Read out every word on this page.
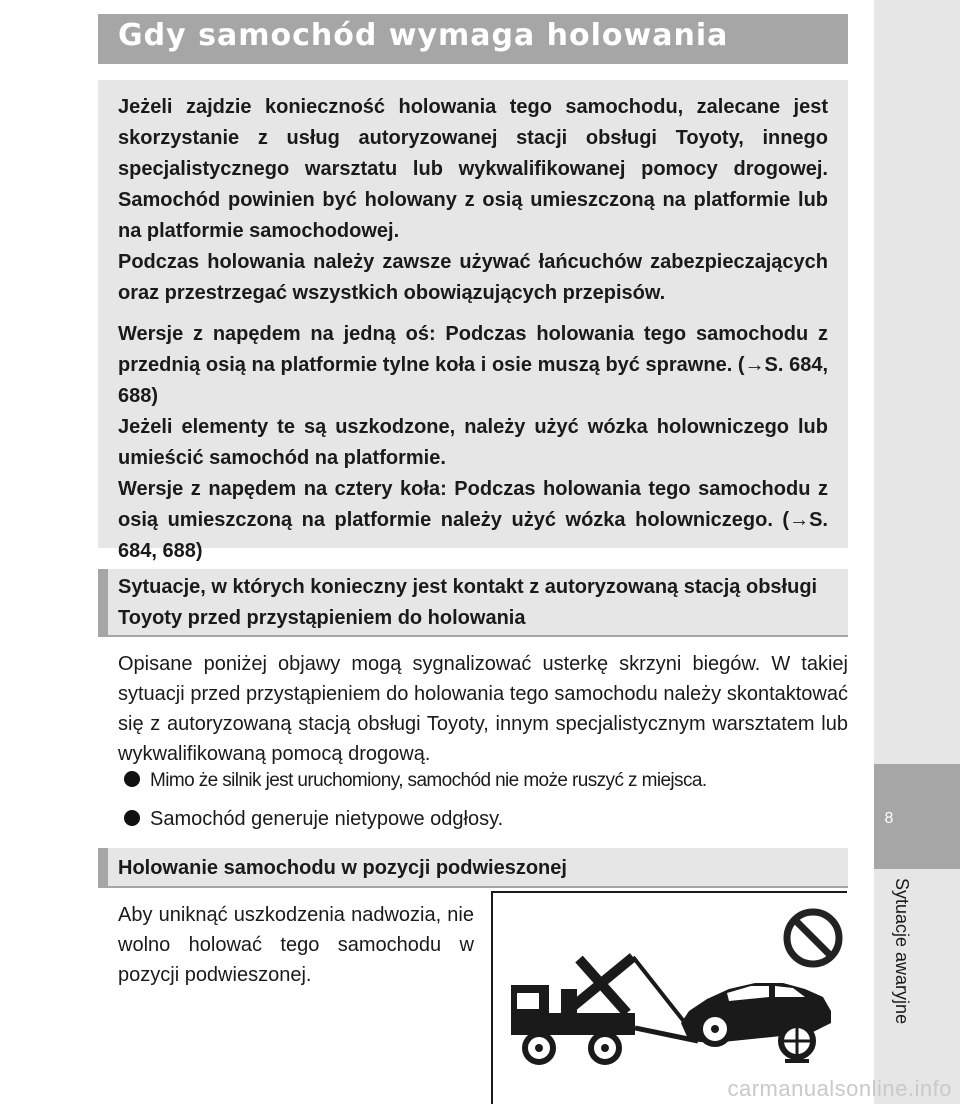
8
Sytuacje awaryjne
Gdy samochód wymaga holowania

Jeżeli zajdzie konieczność holowania tego samochodu, zalecane jest skorzystanie z usług autoryzowanej stacji obsługi Toyoty, innego specjalistycznego warsztatu lub wykwalifikowanej pomocy drogowej. Samochód powinien być holowany z osią umieszczoną na platformie lub na platformie samochodowej.

Podczas holowania należy zawsze używać łańcuchów zabezpieczających oraz przestrzegać wszystkich obowiązujących przepisów.

Wersje z napędem na jedną oś: Podczas holowania tego samochodu z przednią osią na platformie tylne koła i osie muszą być sprawne. (→S. 684, 688)

Jeżeli elementy te są uszkodzone, należy użyć wózka holowniczego lub umieścić samochód na platformie.

Wersje z napędem na cztery koła: Podczas holowania tego samochodu z osią umieszczoną na platformie należy użyć wózka holowniczego. (→S. 684, 688)

Sytuacje, w których konieczny jest kontakt z autoryzowaną stacją obsługi Toyoty przed przystąpieniem do holowania
Opisane poniżej objawy mogą sygnalizować usterkę skrzyni biegów. W takiej sytuacji przed przystąpieniem do holowania tego samochodu należy skontaktować się z autoryzowaną stacją obsługi Toyoty, innym specjalistycznym warsztatem lub wykwalifikowaną pomocą drogową.
Mimo że silnik jest uruchomiony, samochód nie może ruszyć z miejsca.
Samochód generuje nietypowe odgłosy.
Holowanie samochodu w pozycji podwieszonej
Aby uniknąć uszkodzenia nadwozia, nie wolno holować tego samochodu w pozycji podwieszonej.
carmanualsonline.info
